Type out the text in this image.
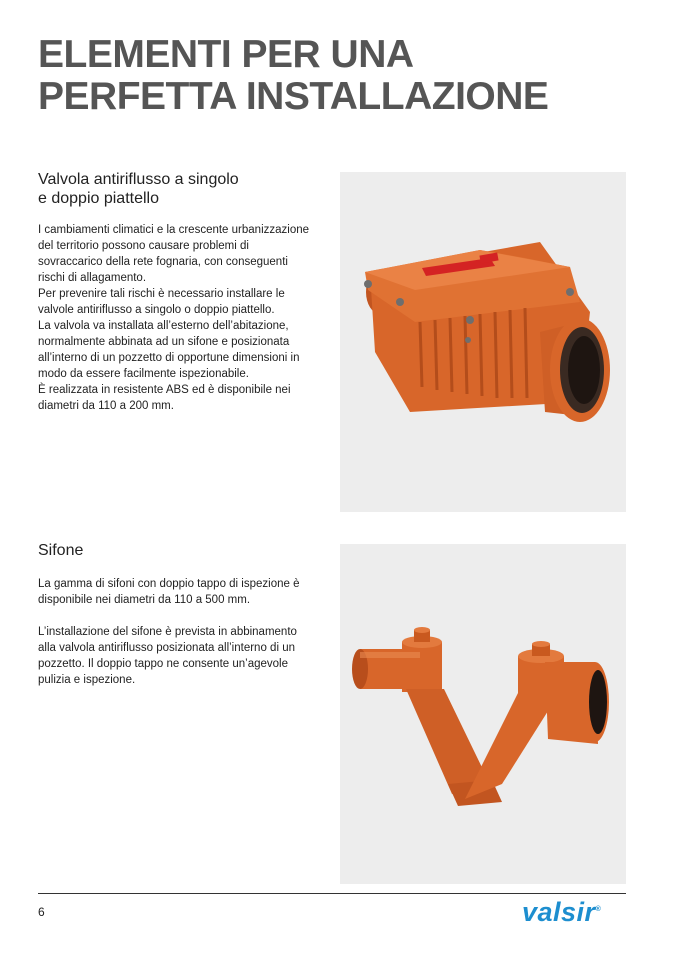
ELEMENTI PER UNA
PERFETTA INSTALLAZIONE
Valvola antiriflusso a singolo
e doppio piattello
I cambiamenti climatici e la crescente urbanizzazione
del territorio possono causare problemi di
sovraccarico della rete fognaria, con conseguenti
rischi di allagamento.
Per prevenire tali rischi è necessario installare le
valvole antiriflusso a singolo o doppio piattello.
La valvola va installata all’esterno dell’abitazione,
normalmente abbinata ad un sifone e posizionata
all’interno di un pozzetto di opportune dimensioni in
modo da essere facilmente ispezionabile.
È realizzata in resistente ABS ed è disponibile nei
diametri da 110 a 200 mm.
Sifone
La gamma di sifoni con doppio tappo di ispezione è
disponibile nei diametri da 110 a 500 mm.
L’installazione del sifone è prevista in abbinamento
alla valvola antiriflusso posizionata all’interno di un
pozzetto. Il doppio tappo ne consente un’agevole
pulizia e ispezione.
6	valsir®
